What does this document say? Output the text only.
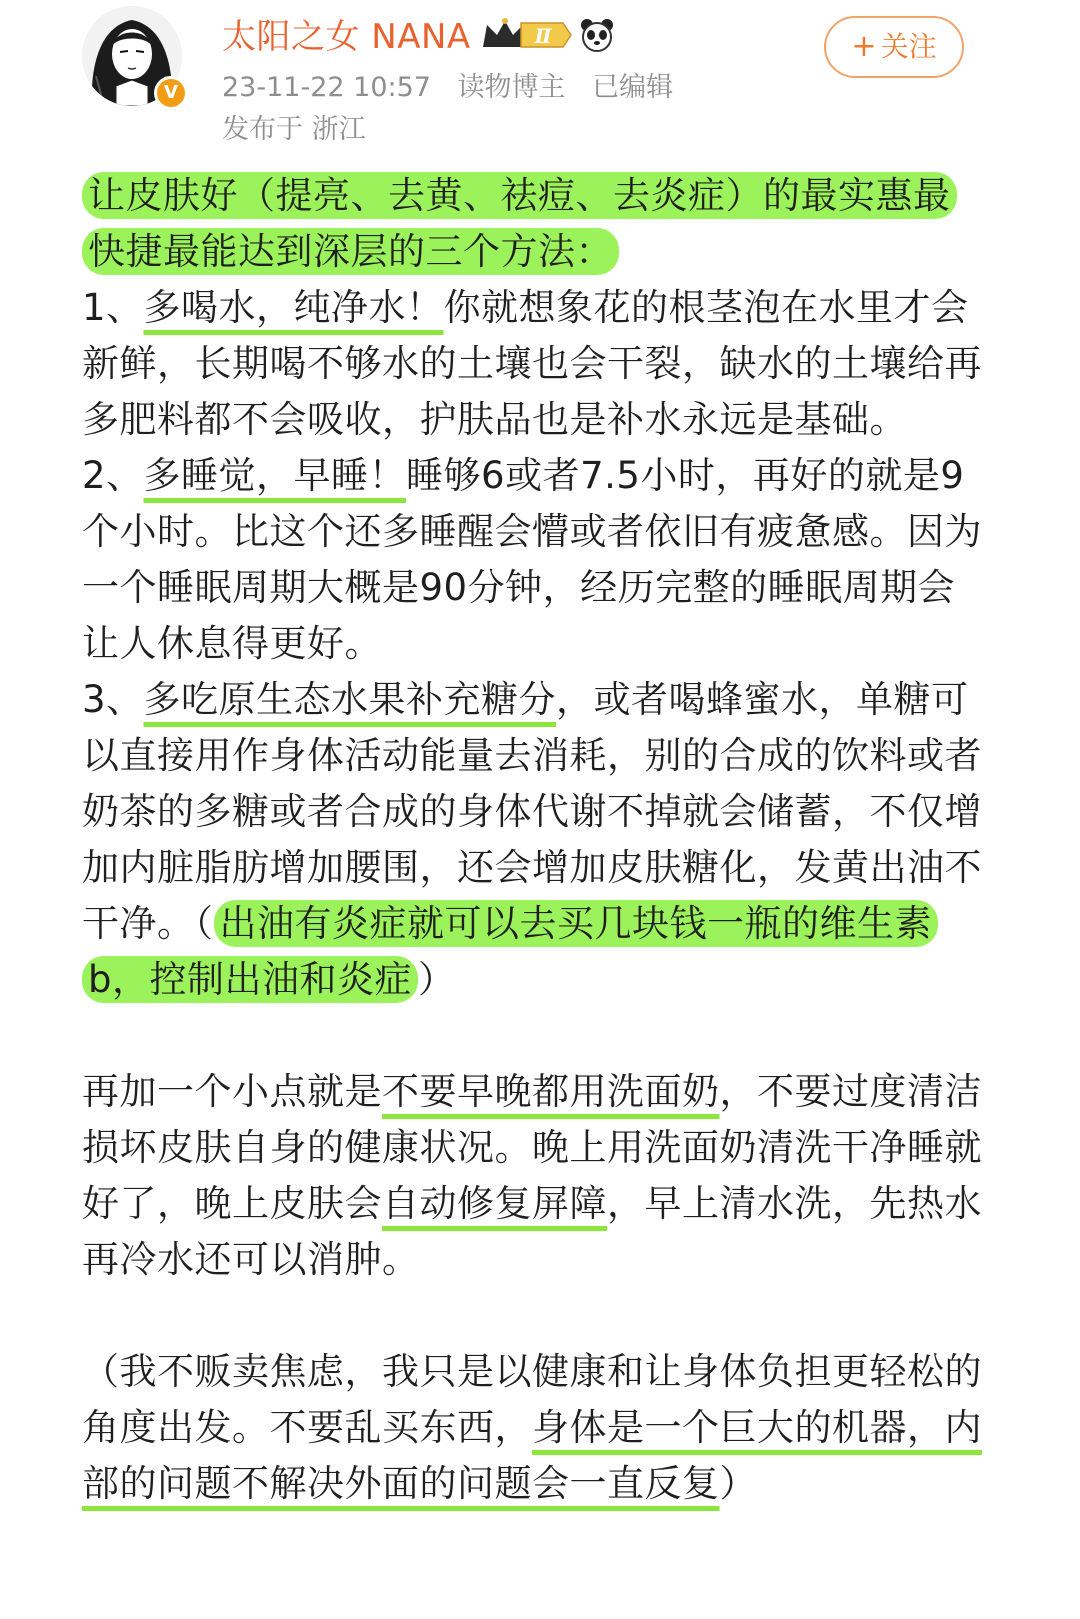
V
太阳之女 NANA	Ⅱ
23-11-22 10:57 读物博主 已编辑
发布于 浙江
+ 关注

让皮肤好（提亮、去黄、祛痘、去炎症）的最实惠最快捷最能达到深层的三个方法：

1、多喝水，纯净水！你就想象花的根茎泡在水里才会新鲜，长期喝不够水的土壤也会干裂，缺水的土壤给再多肥料都不会吸收，护肤品也是补水永远是基础。

2、多睡觉，早睡！睡够6或者7.5小时，再好的就是9个小时。比这个还多睡醒会懵或者依旧有疲惫感。因为一个睡眠周期大概是90分钟，经历完整的睡眠周期会让人休息得更好。

3、多吃原生态水果补充糖分，或者喝蜂蜜水，单糖可以直接用作身体活动能量去消耗，别的合成的饮料或者奶茶的多糖或者合成的身体代谢不掉就会储蓄，不仅增加内脏脂肪增加腰围，还会增加皮肤糖化，发黄出油不干净。（ 出油有炎症就可以去买几块钱一瓶的维生素b，控制出油和炎症 ）

再加一个小点就是不要早晚都用洗面奶，不要过度清洁损坏皮肤自身的健康状况。晚上用洗面奶清洗干净睡就好了，晚上皮肤会自动修复屏障，早上清水洗，先热水再冷水还可以消肿。

（我不贩卖焦虑，我只是以健康和让身体负担更轻松的角度出发。不要乱买东西，身体是一个巨大的机器，内部的问题不解决外面的问题会一直反复）
